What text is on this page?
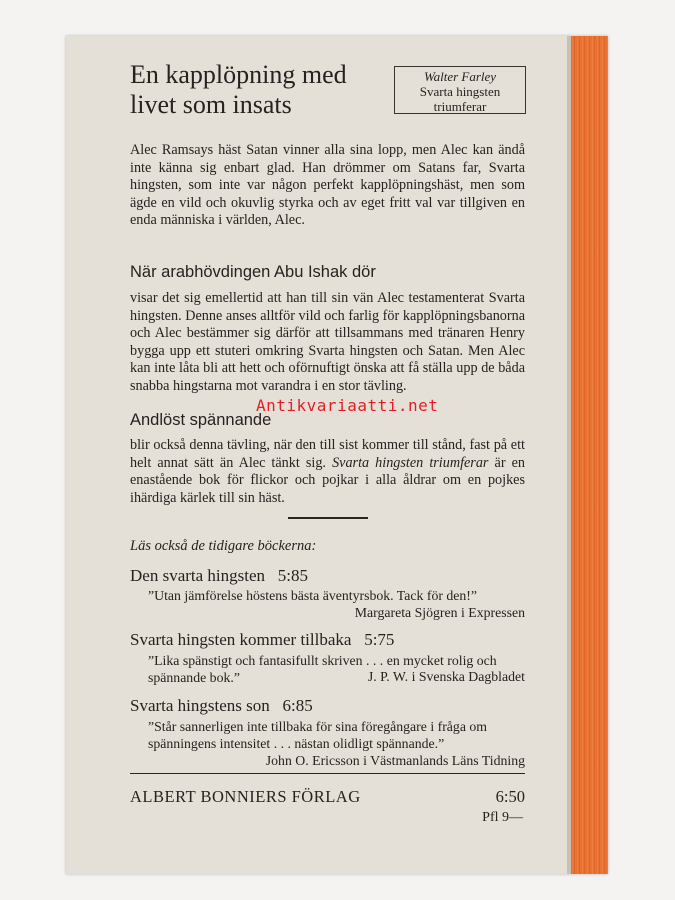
En kapplöpning med livet som insats
Walter Farley
Svarta hingsten
triumferar
Alec Ramsays häst Satan vinner alla sina lopp, men Alec kan ändå inte känna sig enbart glad. Han drömmer om Satans far, Svarta hingsten, som inte var någon perfekt kapplöpningshäst, men som ägde en vild och okuvlig styrka och av eget fritt val var tillgiven en enda människa i världen, Alec.
När arabhövdingen Abu Ishak dör
visar det sig emellertid att han till sin vän Alec testamenterat Svarta hingsten. Denne anses alltför vild och farlig för kapplöpningsbanorna och Alec bestämmer sig därför att tillsammans med tränaren Henry bygga upp ett stuteri omkring Svarta hingsten och Satan. Men Alec kan inte låta bli att hett och oförnuftigt önska att få ställa upp de båda snabba hingstarna mot varandra i en stor tävling.
Andlöst spännande
blir också denna tävling, när den till sist kommer till stånd, fast på ett helt annat sätt än Alec tänkt sig. Svarta hingsten triumferar är en enastående bok för flickor och pojkar i alla åldrar om en pojkes ihärdiga kärlek till sin häst.
Läs också de tidigare böckerna:
Den svarta hingsten 5:85
”Utan jämförelse höstens bästa äventyrsbok. Tack för den!”
Margareta Sjögren i Expressen
Svarta hingsten kommer tillbaka 5:75
”Lika spänstigt och fantasifullt skriven . . . en mycket rolig och spännande bok.”	J. P. W. i Svenska Dagbladet
Svarta hingstens son 6:85
”Står sannerligen inte tillbaka för sina föregångare i fråga om spänningens intensitet . . . nästan olidligt spännande.”
John O. Ericsson i Västmanlands Läns Tidning
ALBERT BONNIERS FÖRLAG	6:50
Pfl 9—
Antikvariaatti.net
